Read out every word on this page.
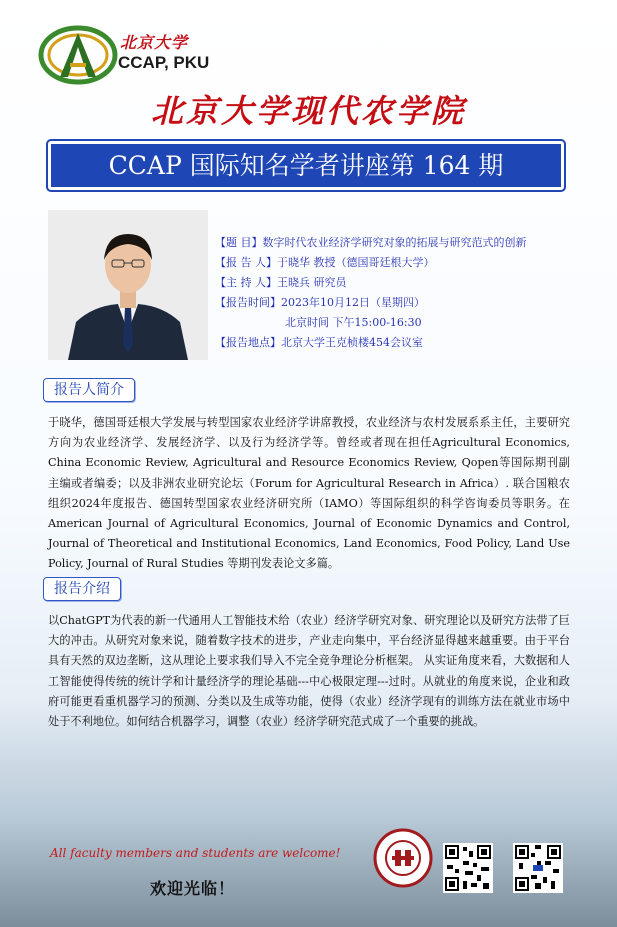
北京大学
CCAP, PKU
北京大学现代农学院
CCAP 国际知名学者讲座第 164 期
【题 目】数字时代农业经济学研究对象的拓展与研究范式的创新
【报 告 人】于晓华 教授（德国哥廷根大学）
【主 持 人】王晓兵 研究员
【报告时间】2023年10月12日（星期四）
北京时间 下午15:00-16:30
【报告地点】北京大学王克桢楼454会议室
报告人简介
于晓华，德国哥廷根大学发展与转型国家农业经济学讲席教授，农业经济与农村发展系系主任，主要研究方向为农业经济学、发展经济学、以及行为经济学等。曾经或者现在担任Agricultural Economics, China Economic Review, Agricultural and Resource Economics Review, Qopen等国际期刊副主编或者编委；以及非洲农业研究论坛（Forum for Agricultural Research in Africa）. 联合国粮农组织2024年度报告、德国转型国家农业经济研究所（IAMO）等国际组织的科学咨询委员等职务。在 American Journal of Agricultural Economics, Journal of Economic Dynamics and Control, Journal of Theoretical and Institutional Economics, Land Economics, Food Policy, Land Use Policy, Journal of Rural Studies 等期刊发表论文多篇。
报告介绍
以ChatGPT为代表的新一代通用人工智能技术给（农业）经济学研究对象、研究理论以及研究方法带了巨大的冲击。从研究对象来说，随着数字技术的进步，产业走向集中，平台经济显得越来越重要。由于平台具有天然的双边垄断，这从理论上要求我们导入不完全竞争理论分析框架。 从实证角度来看，大数据和人工智能使得传统的统计学和计量经济学的理论基础---中心极限定理---过时。从就业的角度来说，企业和政府可能更看重机器学习的预测、分类以及生成等功能，使得（农业）经济学现有的训练方法在就业市场中处于不利地位。如何结合机器学习，调整（农业）经济学研究范式成了一个重要的挑战。
All faculty members and students are welcome!
欢迎光临！
